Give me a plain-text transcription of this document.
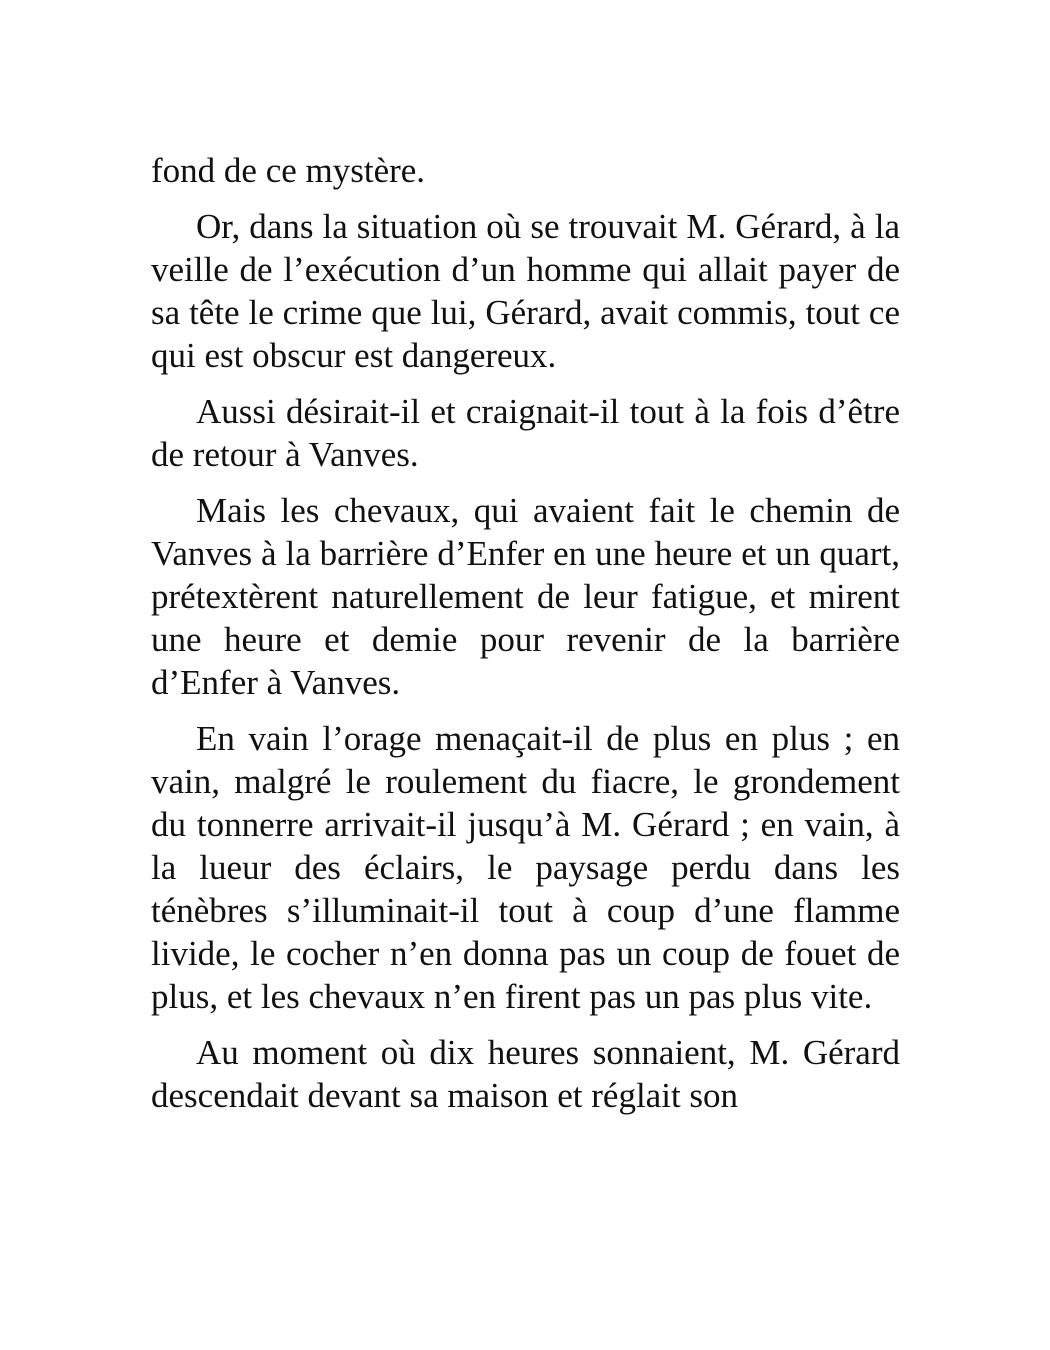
fond de ce mystère.

Or, dans la situation où se trouvait M. Gérard, à la veille de l’exécution d’un homme qui allait payer de sa tête le crime que lui, Gérard, avait commis, tout ce qui est obscur est dangereux.

Aussi désirait-il et craignait-il tout à la fois d’être de retour à Vanves.

Mais les chevaux, qui avaient fait le chemin de Vanves à la barrière d’Enfer en une heure et un quart, prétextèrent naturellement de leur fatigue, et mirent une heure et demie pour revenir de la barrière d’Enfer à Vanves.

En vain l’orage menaçait-il de plus en plus ; en vain, malgré le roulement du fiacre, le grondement du tonnerre arrivait-il jusqu’à M. Gérard ; en vain, à la lueur des éclairs, le paysage perdu dans les ténèbres s’illuminait-il tout à coup d’une flamme livide, le cocher n’en donna pas un coup de fouet de plus, et les chevaux n’en firent pas un pas plus vite.

Au moment où dix heures sonnaient, M. Gérard descendait devant sa maison et réglait son
